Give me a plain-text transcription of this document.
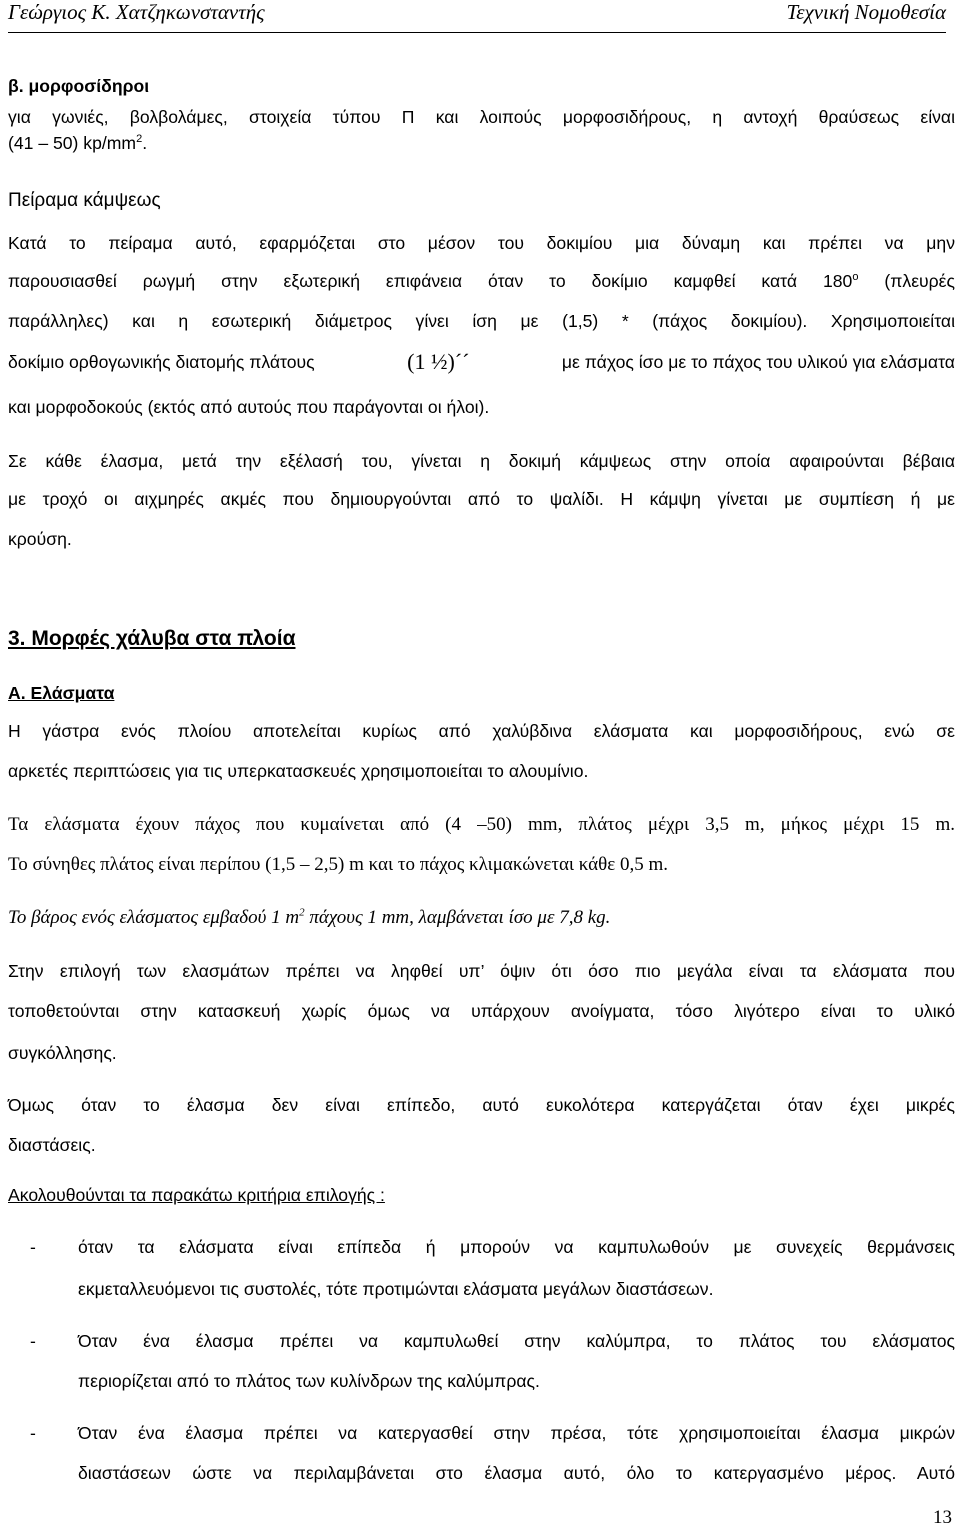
Γεώργιος Κ. Χατζηκωνσταντής	Τεχνική Νομοθεσία
β. μορφοσίδηροι
για γωνιές, βολβολάμες, στοιχεία τύπου Π και λοιπούς μορφοσιδήρους, η αντοχή θραύσεως είναι
(41 – 50) $kp/mm^2$.
Πείραμα κάμψεως
Κατά το πείραμα αυτό, εφαρμόζεται στο μέσον του δοκιμίου μια δύναμη και πρέπει να μην
παρουσιασθεί ρωγμή στην εξωτερική επιφάνεια όταν το δοκίμιο καμφθεί κατά $180^o$ (πλευρές
παράλληλες) και η εσωτερική διάμετρος γίνει ίση με (1,5) * (πάχος δοκιμίου). Χρησιμοποιείται
δοκίμιο ορθογωνικής διατομής πλάτους	(1 ½)´´	με πάχος ίσο με το πάχος του υλικού για ελάσματα
και μορφοδοκούς (εκτός από αυτούς που παράγονται οι ήλοι).
Σε κάθε έλασμα, μετά την εξέλασή του, γίνεται η δοκιμή κάμψεως στην οποία αφαιρούνται βέβαια
με τροχό οι αιχμηρές ακμές που δημιουργούνται από το ψαλίδι. Η κάμψη γίνεται με συμπίεση ή με
κρούση.
3. Μορφές χάλυβα στα πλοία
Α. Ελάσματα
Η γάστρα ενός πλοίου αποτελείται κυρίως από χαλύβδινα ελάσματα και μορφοσιδήρους, ενώ σε
αρκετές περιπτώσεις για τις υπερκατασκευές χρησιμοποιείται το αλουμίνιο.
Τα ελάσματα έχουν πάχος που κυμαίνεται από (4 –50) mm, πλάτος μέχρι 3,5 m, μήκος μέχρι 15 m.
Το σύνηθες πλάτος είναι περίπου (1,5 – 2,5) m και το πάχος κλιμακώνεται κάθε 0,5 m.
Το βάρος ενός ελάσματος εμβαδού 1 $m^2$ πάχους 1 mm, λαμβάνεται ίσο με 7,8 kg.
Στην επιλογή των ελασμάτων πρέπει να ληφθεί υπ’ όψιν ότι όσο πιο μεγάλα είναι τα ελάσματα που
τοποθετούνται στην κατασκευή χωρίς όμως να υπάρχουν ανοίγματα, τόσο λιγότερο είναι το υλικό
συγκόλλησης.
Όμως όταν το έλασμα δεν είναι επίπεδο, αυτό ευκολότερα κατεργάζεται όταν έχει μικρές
διαστάσεις.
Ακολουθούνται τα παρακάτω κριτήρια επιλογής :
- όταν τα ελάσματα είναι επίπεδα ή μπορούν να καμπυλωθούν με συνεχείς θερμάνσεις
εκμεταλλευόμενοι τις συστολές, τότε προτιμώνται ελάσματα μεγάλων διαστάσεων.
- Όταν ένα έλασμα πρέπει να καμπυλωθεί στην καλύμπρα, το πλάτος του ελάσματος
περιορίζεται από το πλάτος των κυλίνδρων της καλύμπρας.
- Όταν ένα έλασμα πρέπει να κατεργασθεί στην πρέσα, τότε χρησιμοποιείται έλασμα μικρών
διαστάσεων ώστε να περιλαμβάνεται στο έλασμα αυτό, όλο το κατεργασμένο μέρος. Αυτό
13
